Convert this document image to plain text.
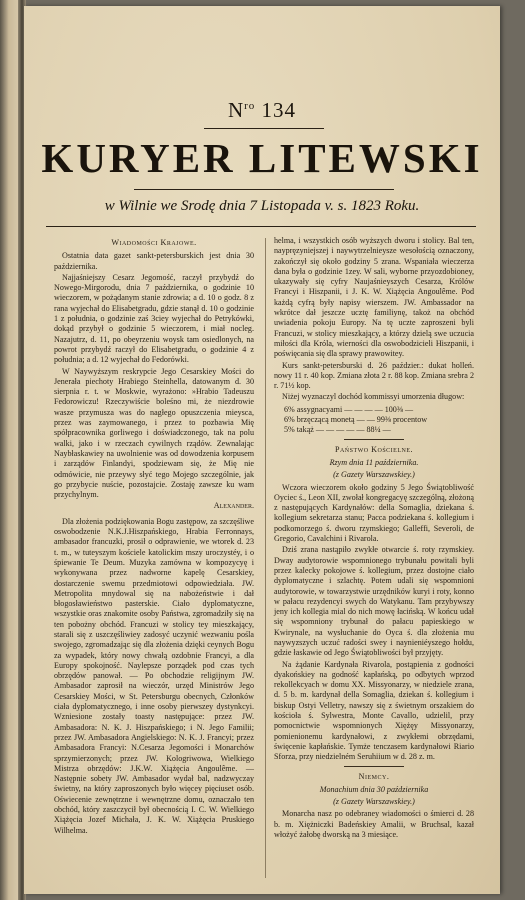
$N^{ro}$ 134
KURYER LITEWSKI
w Wilnie we Srodę dnia 7 Listopada v. s. 1823 Roku.

Wiadomości Krajowe.

Ostatnia data gazet sankt-petersburskich jest dnia 30 października.

Najjaśniejszy Cesarz Jegomość, raczył przybydź do Nowego-Mirgorodu, dnia 7 października, o godzinie 10 wieczorem, w pożądanym stanie zdrowia; a d. 10 o godz. 8 z rana wyjechał do Elisabetgradu, gdzie stanął d. 10 o godzinie 1 z południa, o godzinie zaś 3ciey wyjechał do Petrykówki, dokąd przybył o godzinie 5 wieczorem, i miał nocleg. Nazajutrz, d. 11, po obeyrzeniu woysk tam osiedlonych, na powrot przybydź raczył do Elisabetgradu, o godzinie 4 z południa; a d. 12 wyjechał do Fedorówki.

W Naywyższym reskrypcie Jego Cesarskiey Mości do Jenerała piechoty Hrabiego Steinhella, datowanym d. 30 sierpnia r. t. w Moskwie, wyrażono: »Hrabio Tadeuszu Fedorowiczu! Rzeczywiście boleśno mi, że niezdrowie wasze przymusza was do nagłego opuszczenia mieysca, przez was zaymowanego, i przez to pozbawia Mię spółpracownika gorliwego i doświadczonego, tak na polu walki, jako i w rzeczach cywilnych rządów. Zewnalając Naybłaskawiey na uwolnienie was od dowodzenia korpusem i zarządów Finlandyi, spodziewam się, że Mię nie odmówicie, nie przeywy słyć tego Mojego szczególnie, jak go przybycie nuście, pozostajcie. Zostaję zawsze ku wam przychylnym.

Alexander.

Dla złożenia podziękowania Bogu zastępow, za szczęśliwe oswobodzenie N.K.J.Hiszpańskiego, Hrabia Ferronnays, ambasador francuzki, prosił o odprawienie, we wtorek d. 23 t. m., w tuteyszym kościele katolickim mszy uroczystéy, i o śpiewanie Te Deum. Muzyka zamówna w kompozycyę i wykonywana przez nadworne kapelę Cesarskiey, dostarczenie swemu przedmiotowi odpowiedziała. JW. Metropolita mnydowal się na nabożeństwie i dał błogosławieństwo pasterskie. Ciało dyplomatyczne, wszystkie oras znakomite osoby Państwa, zgromadziły się na ten pobożny obchód. Francuzi w stolicy tey mieszkający, starali się z uszczęśliwiey zadosyć uczynić wezwaniu pośla swojego, zgromadzając się dla złożenia dzięki ceynych Bogu za wypadek, który nowy chwałą ozdobnie Francyi, a dla Europy spokojność. Naylepsze porządek pod czas tych obrzędów panował. — Po obchodzie religijnym JW. Ambasador zaprosił na wieczór, urzęd Ministrów Jego Cesarskiey Mości, w St. Petersburgu obecnych, Członków ciała dyplomatycznego, i inne osoby pierwszey dystynkcyi. Wzniesione zostały toasty następujące: przez JW. Ambasadora: N. K. J. Hiszpańskiego; i N. Jego Familii; przez JW. Ambasadora Angielskiego: N. K. J. Francyi; przez Ambasadora Francyi: N.Cesarza Jegomości i Monarchów sprzymierzonych; przez JW. Kologriwowa, Wielkiego Mistrza obrzędów: J.K.W. Xiążęcia Angoulême. — Następnie sobety JW. Ambasador wydał bal, nadzwyczay świetny, na który zaproszonych było więcey pięciuset osób. Oświecenie zewnętrzne i wewnętrzne domu, oznaczało ten obchód, który zaszczycił był obecnością I. C. W. Wielkiego Xiążęcia Jozef Michała, J. K. W. Xiążęcia Pruskiego Wilhelma.

helma, i wszystkich osób wyższych dworu i stolicy. Bal ten, naypręzyniejszej i naywytrzelnieysze wesołością oznaczony, zakończył się około godziny 5 zrana. Wspaniała wieczerza dana była o godzinie 1zey. W sali, wyborne przyozdobioney, ukazywały się cyfry Naujaśnieyszych Cesarza, Królów Francyi i Hiszpanii, i J. K. W. Xiążęcia Angoulême. Pod każdą cyfrą były napisy wierszem. JW. Ambassador na wkrótce dał jeszcze ucztę familiynę, takoż na obchód uwiadenia pokoju Europy. Na tę uczte zaproszeni byli Francuzi, w stolicy mieszkający, a którzy dzielą swe uczucia miłości dla Króla, wierności dla oswobodzicieli Hiszpanii, i poświęcania się dla sprawy prawowitey.

Kurs sankt-petersburski d. 26 paździer.: dukat holleń. nowy 11 r. 40 kop. Zmiana złota 2 r. 88 kop. Zmiana srebra 2 r. 71½ kop.

Niżej wyznaczyl dochód kommissyi umorzenia długow:

6% assygnacyami — — — — 100⅜ —
6% brzęczącą monetą — — 99⅜ procentow
5% takąż — — — — — 88¼ —

Państwo Kościelne.

Rzym dnia 11 października.

(z Gazety Warszawskiey.)

Wczora wieczorem około godziny 5 Jego Świątobliwość Oyciec ś., Leon XII, zwołał kongregacyę szczególną, złożoną z następujących Kardynałów: della Somaglia, dziekana ś. kollegium sekretarza stanu; Pacca podziekana ś. kollegium i podkomorzego ś. dworu rzymskiego; Galleffi, Severoli, de Gregorio, Cavalchini i Rivarola.

Dziś zrana nastąpiło zwykłe otwarcie ś. roty rzymskiey. Dway audytorowie wspomnionego trybunału powitali byli przez kalecky pokojowe ś. kollegium, przez dostojne ciało dyplomatyczne i szlachtę. Potem udali się wspomnioni audytorowie, w towarzystwie urzędników kuryi i roty, konno w pałacu rezydencyi swych do Watykanu. Tam przybywszy jeny ich kollegia mial do nich mowę łacińską. W końcu udał się wspomniony trybunał do pałacu papieskiego w Kwirynale, na wysłuchanie do Oyca ś. dla złożenia mu naywyzszych uczuć radości swey i naynieniéyszego hołdu, gdzie łaskawie od Jego Świątobliwości był przyjęty.

Na żądanie Kardynała Rivarola, postąpienia z godności dyakońskiey na godność kapłańską, po odbytych wprzod rekollekcyach w domu XX. Missyonarzy, w niedziele zrana, d. 5 b. m. kardynał della Somaglia, dziekan ś. kollegium i biskup Ostyi Velletry, nawszy się z świetnym orszakiem do kościoła ś. Sylwestra, Monte Cavallo, udzielil, przy pomocnictwie wspomnionych Xiężęy Missyonarzy, pomienionemu kardynałowi, z zwykłemi obrzędami, święcenie kapłańskie. Tymże tenczasem kardynałowi Riario Sforza, przy niedzielném Seruhiium w d. 28 z. m.

Niemcy.

Monachium dnia 30 października

(z Gazety Warszawskiey.)

Monarcha nasz po odebraney wiadomości o śmierci d. 28 b. m. Xiężniczki Badeńskiey Amalii, w Bruchsal, kazał włożyć żałobę dworską na 3 miesiące.
